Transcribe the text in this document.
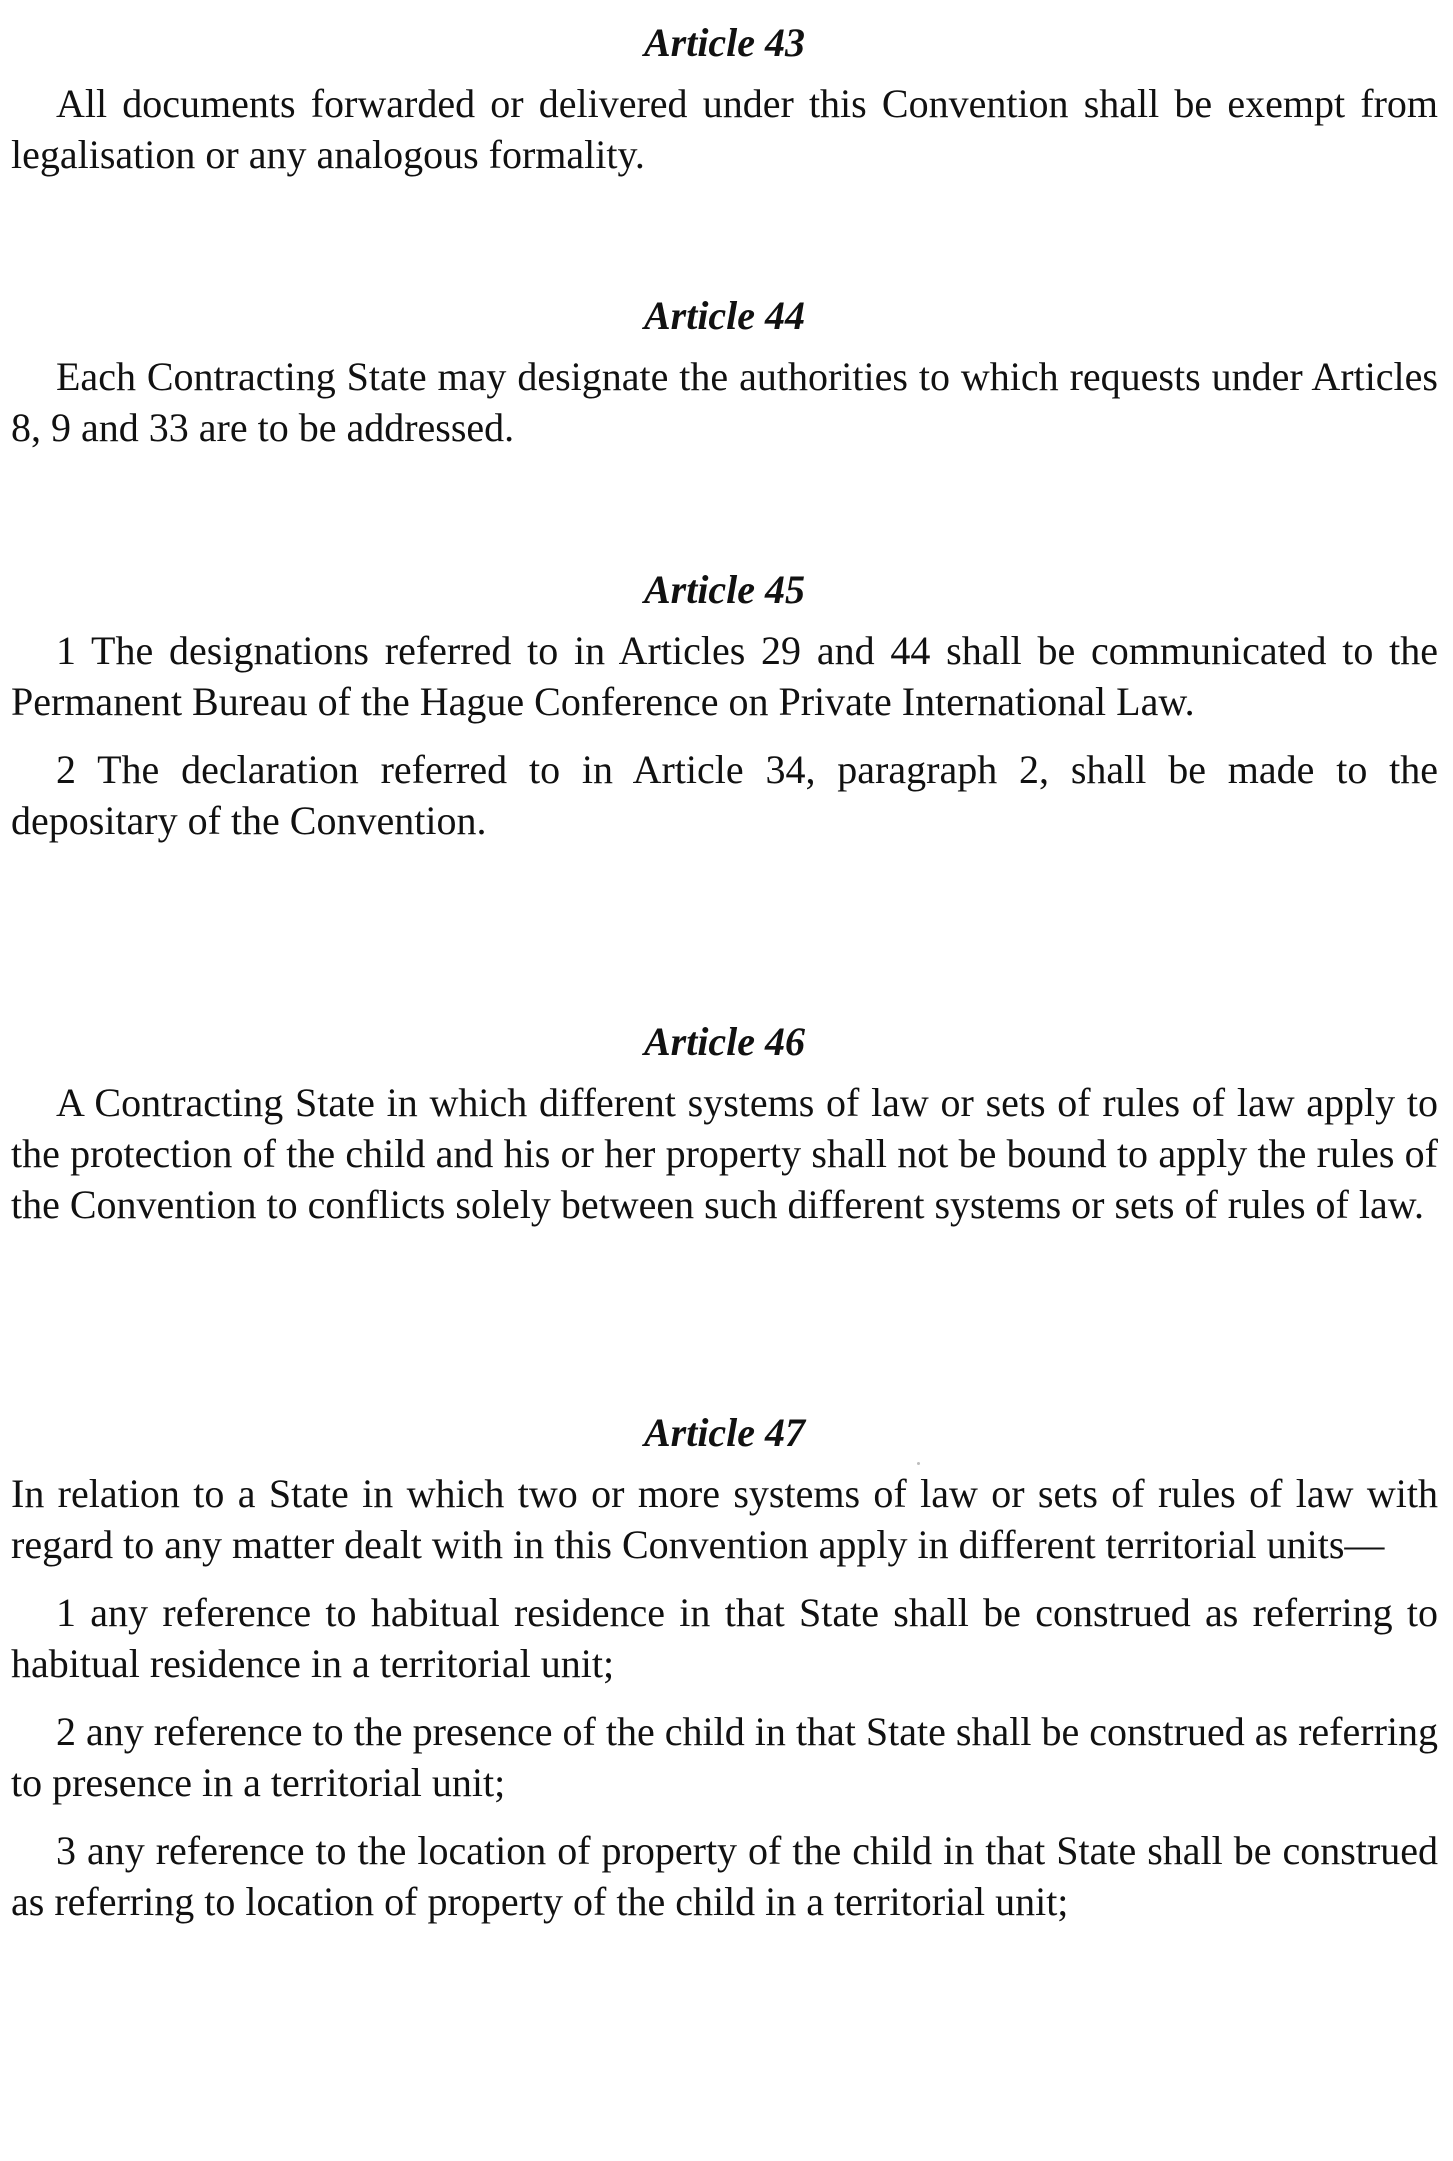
Article 43

All documents forwarded or delivered under this Convention shall be exempt from legalisation or any analogous formality.

Article 44

Each Contracting State may designate the authorities to which requests under Articles 8, 9 and 33 are to be addressed.

Article 45

1 The designations referred to in Articles 29 and 44 shall be communicated to the Permanent Bureau of the Hague Conference on Private International Law.

2 The declaration referred to in Article 34, paragraph 2, shall be made to the depositary of the Convention.

Article 46

A Contracting State in which different systems of law or sets of rules of law apply to the protection of the child and his or her property shall not be bound to apply the rules of the Convention to conflicts solely between such different systems or sets of rules of law.

Article 47

In relation to a State in which two or more systems of law or sets of rules of law with regard to any matter dealt with in this Convention apply in different territorial units—

1 any reference to habitual residence in that State shall be construed as referring to habitual residence in a territorial unit;

2 any reference to the presence of the child in that State shall be construed as referring to presence in a territorial unit;

3 any reference to the location of property of the child in that State shall be construed as referring to location of property of the child in a territorial unit;
